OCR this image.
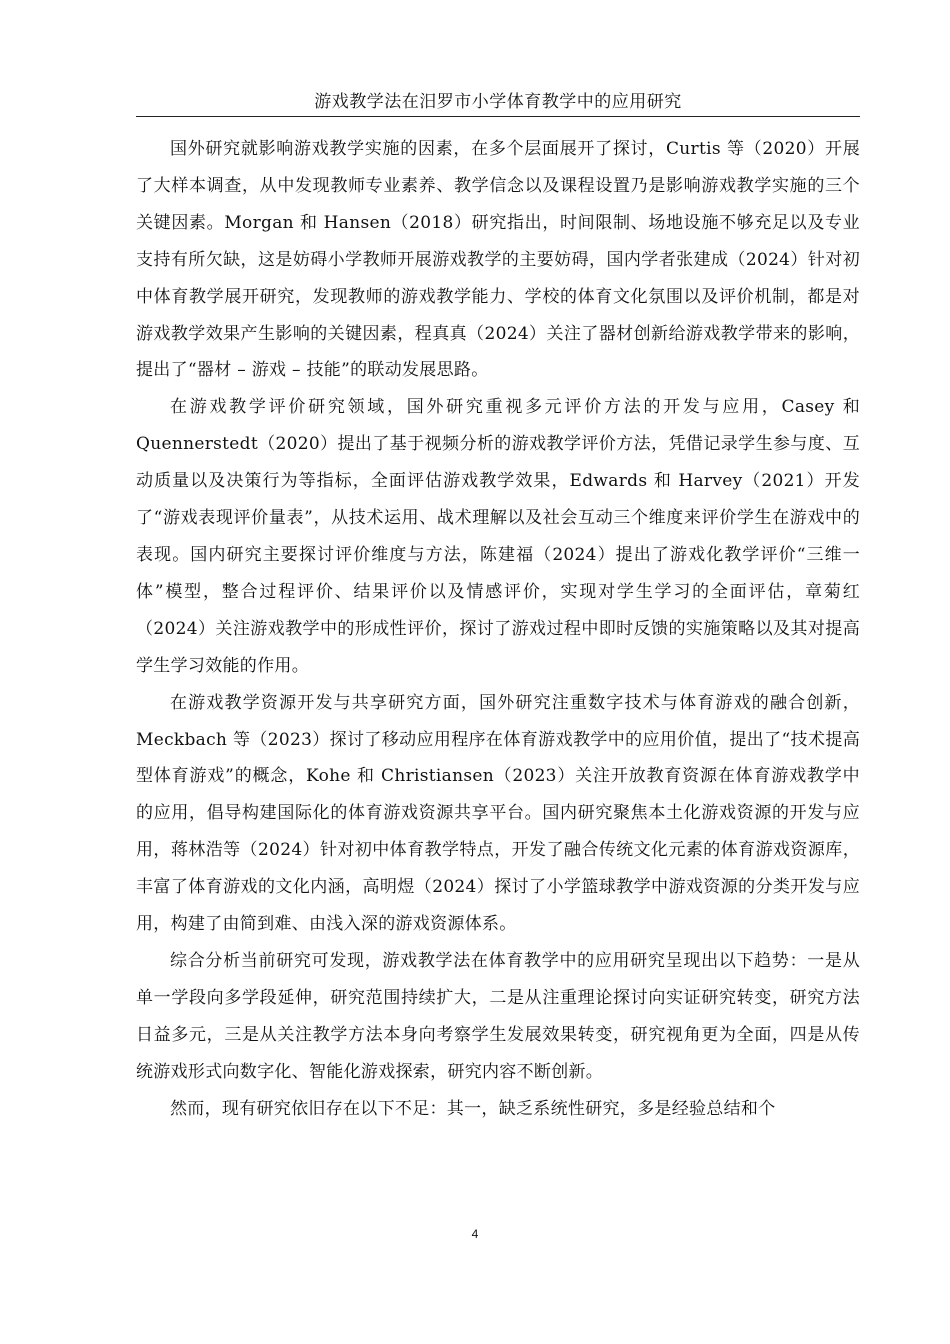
游戏教学法在汨罗市小学体育教学中的应用研究

国外研究就影响游戏教学实施的因素，在多个层面展开了探讨，Curtis 等（2020）开展了大样本调查，从中发现教师专业素养、教学信念以及课程设置乃是影响游戏教学实施的三个关键因素。Morgan 和 Hansen（2018）研究指出，时间限制、场地设施不够充足以及专业支持有所欠缺，这是妨碍小学教师开展游戏教学的主要妨碍，国内学者张建成（2024）针对初中体育教学展开研究，发现教师的游戏教学能力、学校的体育文化氛围以及评价机制，都是对游戏教学效果产生影响的关键因素，程真真（2024）关注了器材创新给游戏教学带来的影响，提出了“器材 – 游戏 – 技能”的联动发展思路。

在游戏教学评价研究领域，国外研究重视多元评价方法的开发与应用，Casey 和 Quennerstedt（2020）提出了基于视频分析的游戏教学评价方法，凭借记录学生参与度、互动质量以及决策行为等指标，全面评估游戏教学效果，Edwards 和 Harvey（2021）开发了“游戏表现评价量表”，从技术运用、战术理解以及社会互动三个维度来评价学生在游戏中的表现。国内研究主要探讨评价维度与方法，陈建福（2024）提出了游戏化教学评价“三维一体”模型，整合过程评价、结果评价以及情感评价，实现对学生学习的全面评估，章菊红（2024）关注游戏教学中的形成性评价，探讨了游戏过程中即时反馈的实施策略以及其对提高学生学习效能的作用。

在游戏教学资源开发与共享研究方面，国外研究注重数字技术与体育游戏的融合创新，Meckbach 等（2023）探讨了移动应用程序在体育游戏教学中的应用价值，提出了“技术提高型体育游戏”的概念，Kohe 和 Christiansen（2023）关注开放教育资源在体育游戏教学中的应用，倡导构建国际化的体育游戏资源共享平台。国内研究聚焦本土化游戏资源的开发与应用，蒋林浩等（2024）针对初中体育教学特点，开发了融合传统文化元素的体育游戏资源库，丰富了体育游戏的文化内涵，高明煜（2024）探讨了小学篮球教学中游戏资源的分类开发与应用，构建了由简到难、由浅入深的游戏资源体系。

综合分析当前研究可发现，游戏教学法在体育教学中的应用研究呈现出以下趋势：一是从单一学段向多学段延伸，研究范围持续扩大，二是从注重理论探讨向实证研究转变，研究方法日益多元，三是从关注教学方法本身向考察学生发展效果转变，研究视角更为全面，四是从传统游戏形式向数字化、智能化游戏探索，研究内容不断创新。

然而，现有研究依旧存在以下不足：其一，缺乏系统性研究，多是经验总结和个

4
